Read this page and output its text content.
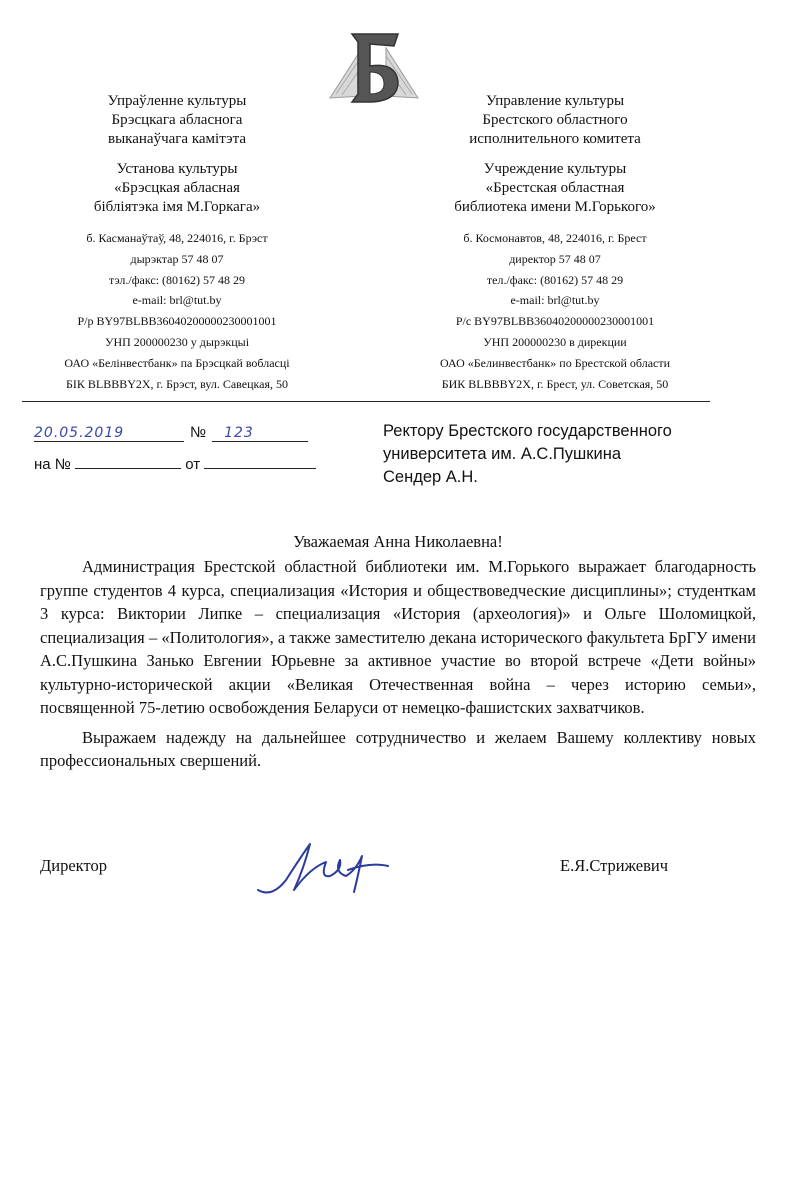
Упраўленне культуры
Брэсцкага абласнога
выканаўчага камітэта
Установа культуры
«Брэсцкая абласная
бібліятэка імя М.Горкага»
б. Касманаўтаў, 48, 224016, г. Брэст
дырэктар 57 48 07
тэл./факс: (80162) 57 48 29
e-mail: brl@tut.by
Р/р BY97BLBB36040200000230001001
УНП 200000230 у дырэкцыі
ОАО «Белінвестбанк» па Брэсцкай вобласці
БІК BLBBBY2X, г. Брэст, вул. Савецкая, 50
Управление культуры
Брестского областного
исполнительного комитета
Учреждение культуры
«Брестская областная
библиотека имени М.Горького»
б. Космонавтов, 48, 224016, г. Брест
директор 57 48 07
тел./факс: (80162) 57 48 29
e-mail: brl@tut.by
Р/с BY97BLBB36040200000230001001
УНП 200000230 в дирекции
ОАО «Белинвестбанк» по Брестской области
БИК BLBBBY2X, г. Брест, ул. Советская, 50
20.05.2019	№ 123
на №	от
Ректору Брестского государственного
университета им. А.С.Пушкина
Сендер А.Н.
Уважаемая Анна Николаевна!

Администрация Брестской областной библиотеки им. М.Горького выражает благодарность группе студентов 4 курса, специализация «История и обществоведческие дисциплины»; студенткам 3 курса: Виктории Липке – специализация «История (археология)» и Ольге Шоломицкой, специализация – «Политология», а также заместителю декана исторического факультета БрГУ имени А.С.Пушкина Занько Евгении Юрьевне за активное участие во второй встрече «Дети войны» культурно-исторической акции «Великая Отечественная война – через историю семьи», посвященной 75-летию освобождения Беларуси от немецко-фашистских захватчиков.

Выражаем надежду на дальнейшее сотрудничество и желаем Вашему коллективу новых профессиональных свершений.

Директор	Е.Я.Стрижевич
